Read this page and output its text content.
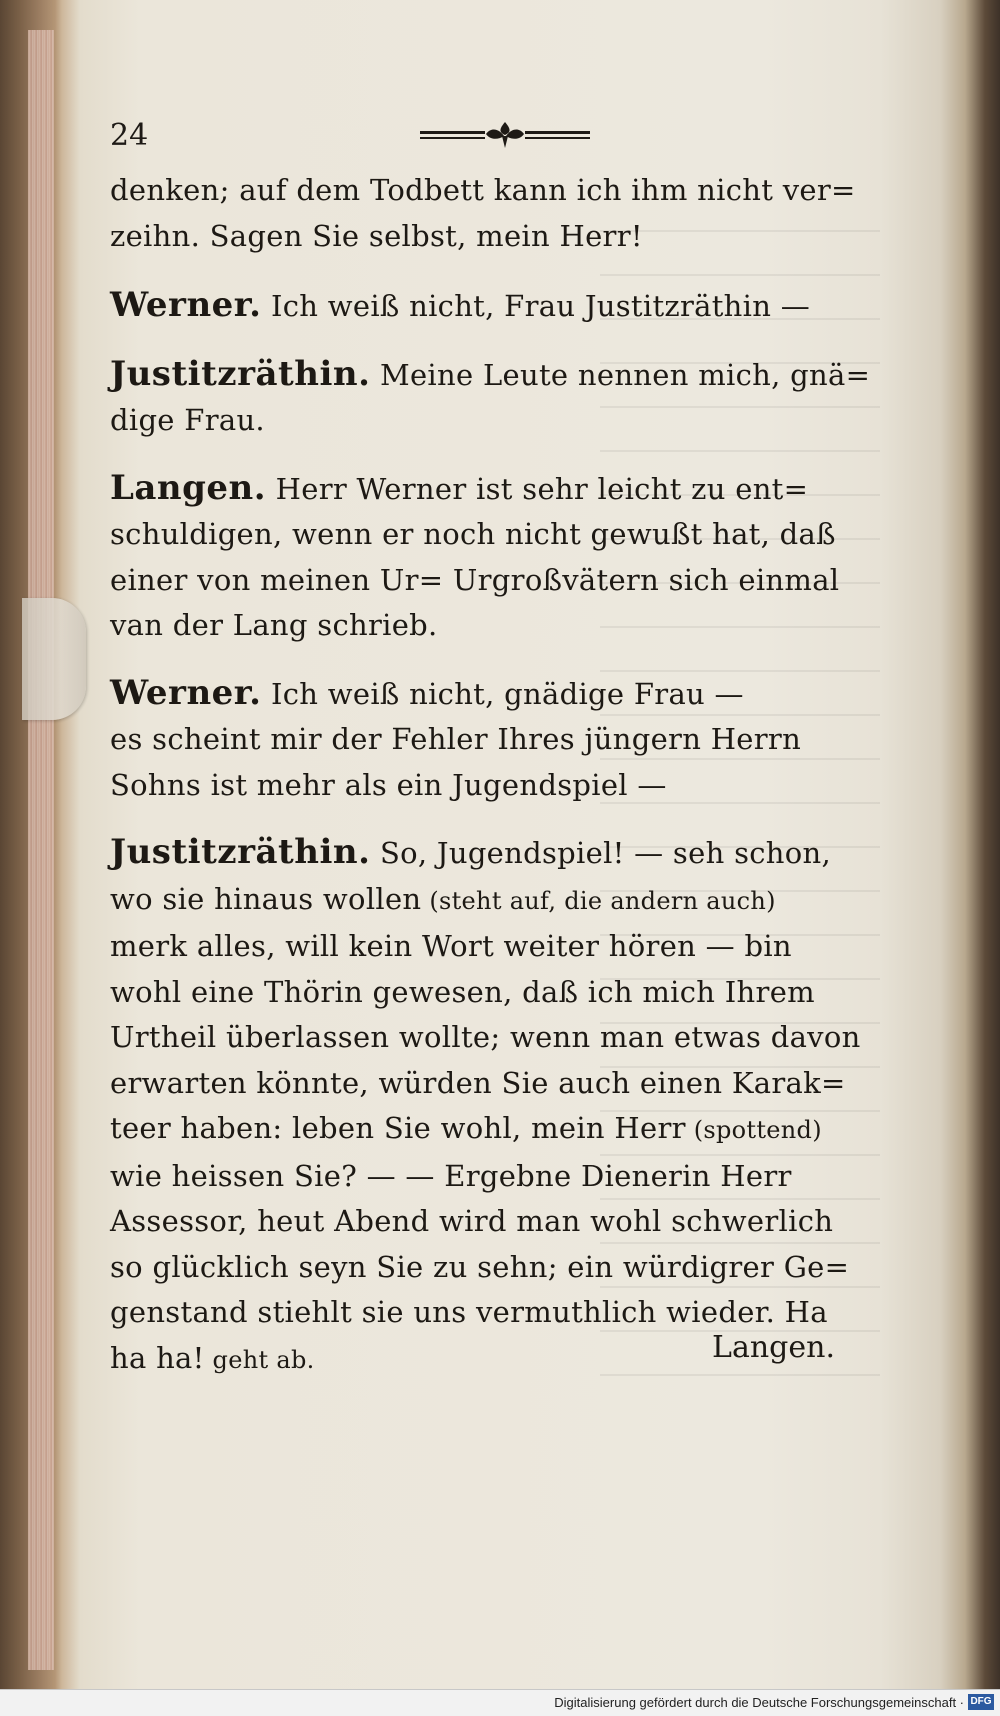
24
denken; auf dem Todbett kann ich ihm nicht ver=
zeihn. Sagen Sie selbst, mein Herr!
Werner. Ich weiß nicht, Frau Justitzräthin —
Justitzräthin. Meine Leute nennen mich, gnä=
dige Frau.
Langen. Herr Werner ist sehr leicht zu ent=
schuldigen, wenn er noch nicht gewußt hat, daß
einer von meinen Ur= Urgroßvätern sich einmal
van der Lang schrieb.
Werner. Ich weiß nicht, gnädige Frau —
es scheint mir der Fehler Ihres jüngern Herrn
Sohns ist mehr als ein Jugendspiel —
Justitzräthin. So, Jugendspiel! — seh schon,
wo sie hinaus wollen (steht auf, die andern auch)
merk alles, will kein Wort weiter hören — bin
wohl eine Thörin gewesen, daß ich mich Ihrem
Urtheil überlassen wollte; wenn man etwas davon
erwarten könnte, würden Sie auch einen Karak=
teer haben: leben Sie wohl, mein Herr (spottend)
wie heissen Sie? — — Ergebne Dienerin Herr
Assessor, heut Abend wird man wohl schwerlich
so glücklich seyn Sie zu sehn; ein würdigrer Ge=
genstand stiehlt sie uns vermuthlich wieder. Ha
ha ha! geht ab.	Langen.
Digitalisierung gefördert durch die Deutsche Forschungsgemeinschaft · DFG
